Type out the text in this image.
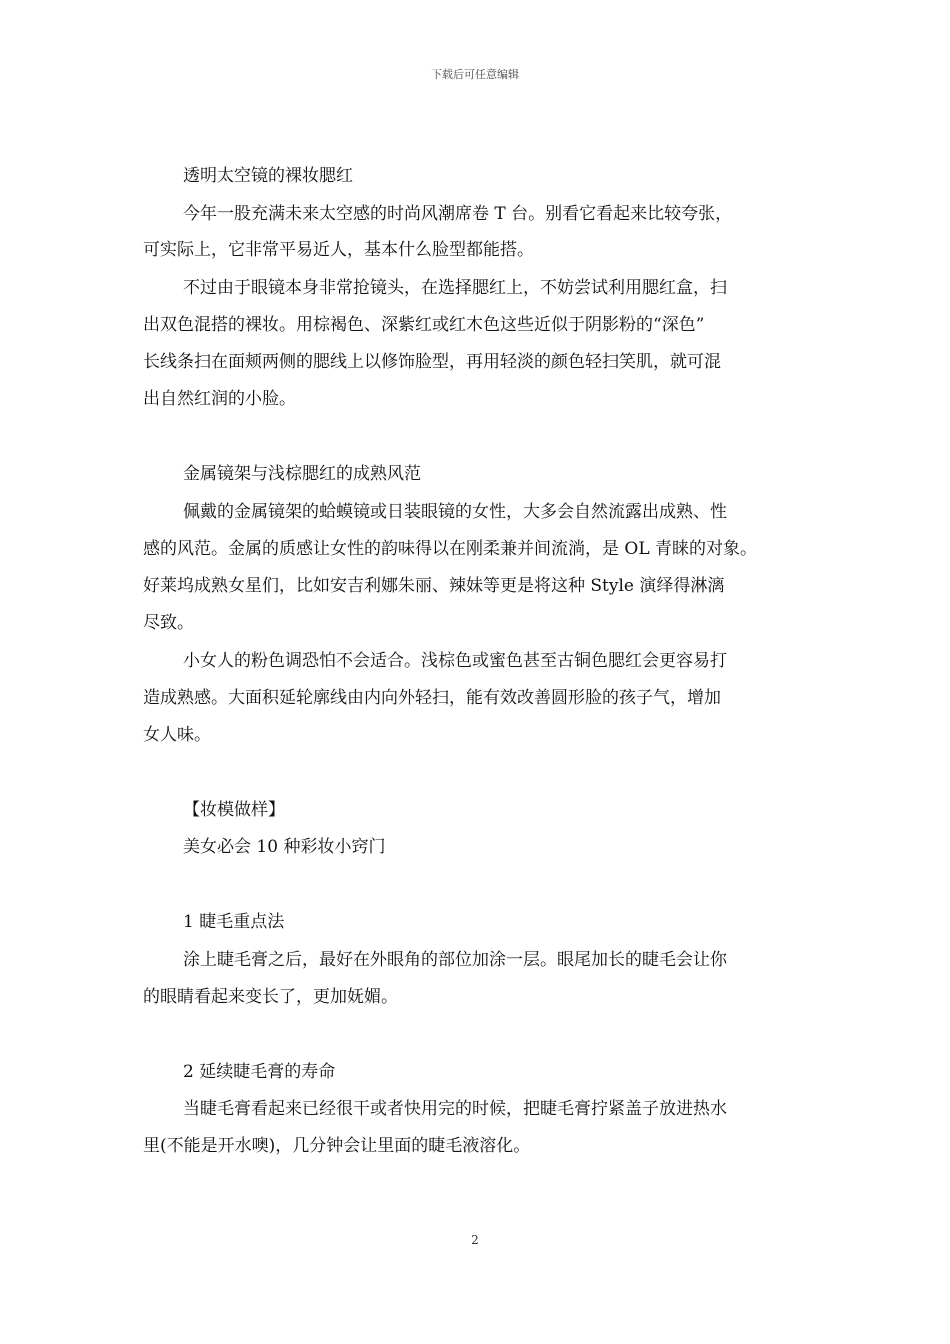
下载后可任意编辑
透明太空镜的裸妆腮红
今年一股充满未来太空感的时尚风潮席卷 T 台。别看它看起来比较夸张，
可实际上，它非常平易近人，基本什么脸型都能搭。
不过由于眼镜本身非常抢镜头，在选择腮红上，不妨尝试利用腮红盒，扫
出双色混搭的裸妆。用棕褐色、深紫红或红木色这些近似于阴影粉的“深色”
长线条扫在面颊两侧的腮线上以修饰脸型，再用轻淡的颜色轻扫笑肌，就可混
出自然红润的小脸。
金属镜架与浅棕腮红的成熟风范
佩戴的金属镜架的蛤蟆镜或日装眼镜的女性，大多会自然流露出成熟、性
感的风范。金属的质感让女性的韵味得以在刚柔兼并间流淌，是 OL 青睐的对象。
好莱坞成熟女星们，比如安吉利娜朱丽、辣妹等更是将这种 Style 演绎得淋漓
尽致。
小女人的粉色调恐怕不会适合。浅棕色或蜜色甚至古铜色腮红会更容易打
造成熟感。大面积延轮廓线由内向外轻扫，能有效改善圆形脸的孩子气，增加
女人味。
【妆模做样】
美女必会 10 种彩妆小窍门
1 睫毛重点法
涂上睫毛膏之后，最好在外眼角的部位加涂一层。眼尾加长的睫毛会让你
的眼睛看起来变长了，更加妩媚。
2 延续睫毛膏的寿命
当睫毛膏看起来已经很干或者快用完的时候，把睫毛膏拧紧盖子放进热水
里(不能是开水噢)，几分钟会让里面的睫毛液溶化。
2
